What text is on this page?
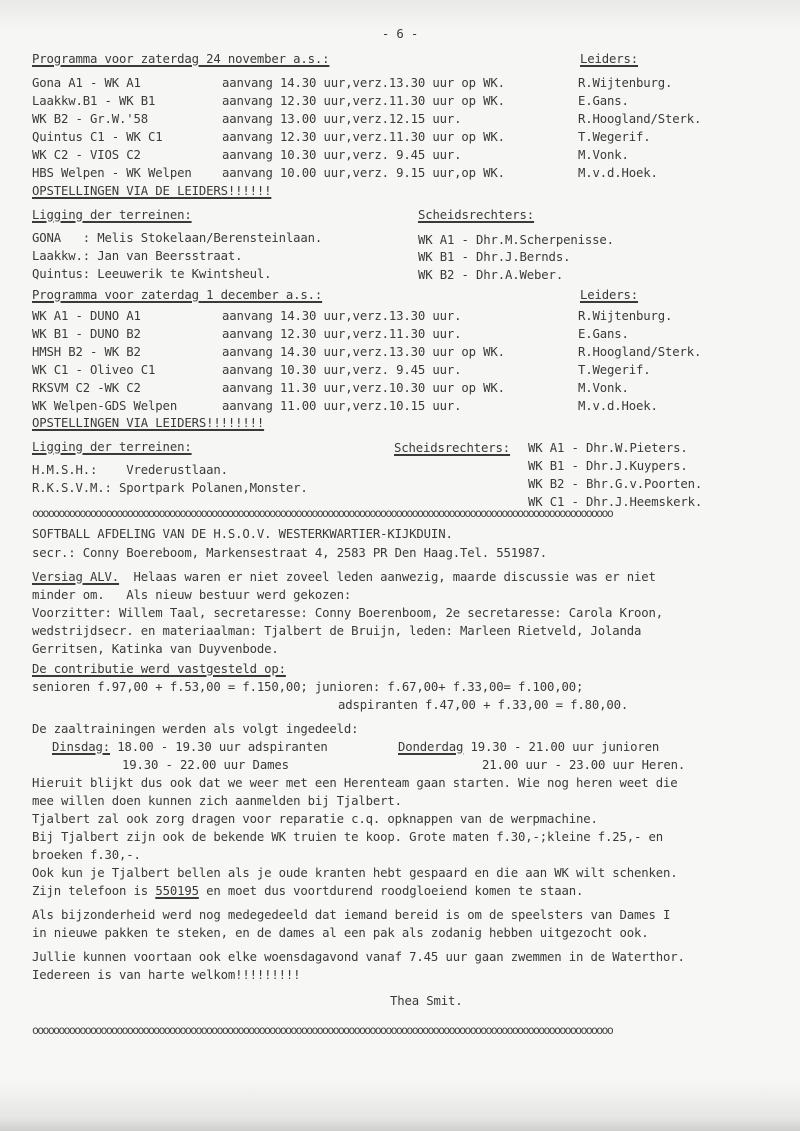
- 6 -
Programma voor zaterdag 24 november a.s.:	Leiders:
Gona A1 - WK A1	aanvang 14.30 uur,verz.13.30 uur op WK.	R.Wijtenburg.
Laakkw.B1 - WK B1	aanvang 12.30 uur,verz.11.30 uur op WK.	E.Gans.
WK B2 - Gr.W.'58	aanvang 13.00 uur,verz.12.15 uur.	R.Hoogland/Sterk.
Quintus C1 - WK C1	aanvang 12.30 uur,verz.11.30 uur op WK.	T.Wegerif.
WK C2 - VIOS C2	aanvang 10.30 uur,verz. 9.45 uur.	M.Vonk.
HBS Welpen - WK Welpen aanvang 10.00 uur,verz. 9.15 uur,op WK.	M.v.d.Hoek.
OPSTELLINGEN VIA DE LEIDERS!!!!!!
Ligging der terreinen:	Scheidsrechters:
GONA   : Melis Stokelaan/Berensteinlaan.
Laakkw.: Jan van Beersstraat.
Quintus: Leeuwerik te Kwintsheul.
WK A1 - Dhr.M.Scherpenisse.
WK B1 - Dhr.J.Bernds.
WK B2 - Dhr.A.Weber.
Programma voor zaterdag 1 december a.s.:	Leiders:
WK A1 - DUNO A1	aanvang 14.30 uur,verz.13.30 uur.	R.Wijtenburg.
WK B1 - DUNO B2	aanvang 12.30 uur,verz.11.30 uur.	E.Gans.
HMSH B2 - WK B2	aanvang 14.30 uur,verz.13.30 uur op WK.	R.Hoogland/Sterk.
WK C1 - Oliveo C1	aanvang 10.30 uur,verz. 9.45 uur.	T.Wegerif.
RKSVM C2 -WK C2	aanvang 11.30 uur,verz.10.30 uur op WK.	M.Vonk.
WK Welpen-GDS Welpen	aanvang 11.00 uur,verz.10.15 uur.	M.v.d.Hoek.
OPSTELLINGEN VIA LEIDERS!!!!!!!!
Ligging der terreinen:	Scheidsrechters:
H.M.S.H.:    Vrederustlaan.
R.K.S.V.M.: Sportpark Polanen,Monster.
WK A1 - Dhr.W.Pieters.
WK B1 - Dhr.J.Kuypers.
WK B2 - Bhr.G.v.Poorten.
WK C1 - Dhr.J.Heemskerk.
oooooooooooooooooooooooooooooooooooooooooooooooooooooooooooooooooooooooooooooooooooooooooooooooooooooooooooooo
SOFTBALL AFDELING VAN DE H.S.O.V. WESTERKWARTIER-KIJKDUIN.
secr.: Conny Boereboom, Markensestraat 4, 2583 PR Den Haag.Tel. 551987.
Versiag ALV.  Helaas waren er niet zoveel leden aanwezig, maarde discussie was er niet
minder om.   Als nieuw bestuur werd gekozen:
Voorzitter: Willem Taal, secretaresse: Conny Boerenboom, 2e secretaresse: Carola Kroon,
wedstrijdsecr. en materiaalman: Tjalbert de Bruijn, leden: Marleen Rietveld, Jolanda
Gerritsen, Katinka van Duyvenbode.
De contributie werd vastgesteld op:
senioren f.97,00 + f.53,00 = f.150,00; junioren: f.67,00+ f.33,00= f.100,00;
adspiranten f.47,00 + f.33,00 = f.80,00.
De zaaltrainingen werden als volgt ingedeeld:
Dinsdag: 18.00 - 19.30 uur adspiranten
19.30 - 22.00 uur Dames
Donderdag 19.30 - 21.00 uur junioren
21.00 uur - 23.00 uur Heren.
Hieruit blijkt dus ook dat we weer met een Herenteam gaan starten. Wie nog heren weet die
mee willen doen kunnen zich aanmelden bij Tjalbert.
Tjalbert zal ook zorg dragen voor reparatie c.q. opknappen van de werpmachine.
Bij Tjalbert zijn ook de bekende WK truien te koop. Grote maten f.30,-;kleine f.25,- en
broeken f.30,-.
Ook kun je Tjalbert bellen als je oude kranten hebt gespaard en die aan WK wilt schenken.
Zijn telefoon is 550195 en moet dus voortdurend roodgloeiend komen te staan.
Als bijzonderheid werd nog medegedeeld dat iemand bereid is om de speelsters van Dames I
in nieuwe pakken te steken, en de dames al een pak als zodanig hebben uitgezocht ook.
Jullie kunnen voortaan ook elke woensdagavond vanaf 7.45 uur gaan zwemmen in de Waterthor.
Iedereen is van harte welkom!!!!!!!!!
Thea Smit.
oooooooooooooooooooooooooooooooooooooooooooooooooooooooooooooooooooooooooooooooooooooooooooooooooooooooooooooo
